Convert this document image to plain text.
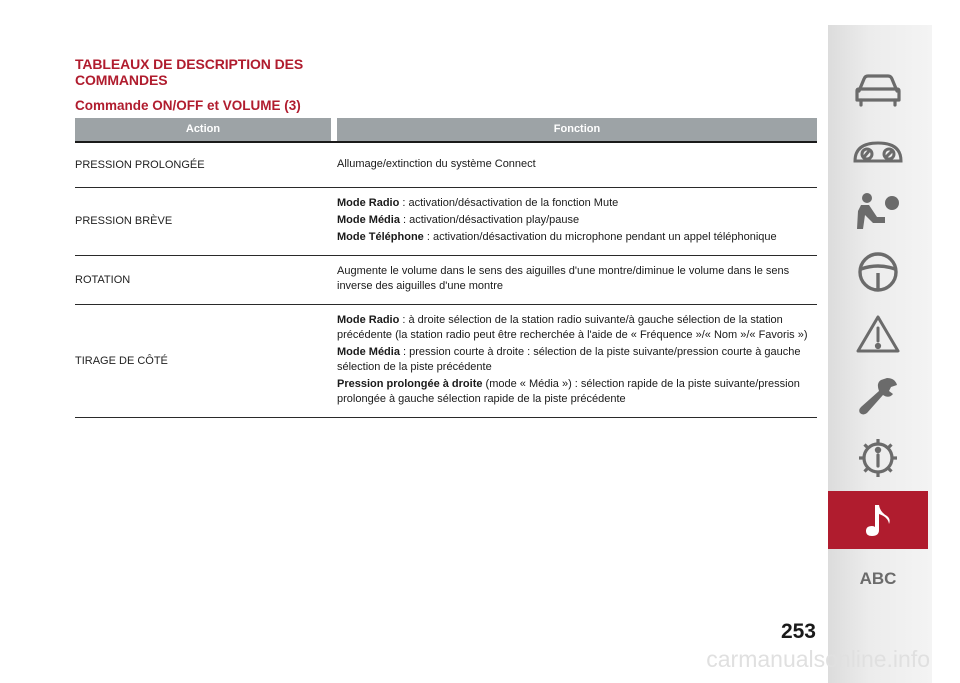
TABLEAUX DE DESCRIPTION DES
COMMANDES
Commande ON/OFF et VOLUME (3)
Action		Fonction
PRESSION PROLONGÉE		Allumage/extinction du système Connect

PRESSION BRÈVE		Mode Radio : activation/désactivation de la fonction Mute

Mode Média : activation/désactivation play/pause

Mode Téléphone : activation/désactivation du microphone pendant un appel téléphonique

ROTATION		Augmente le volume dans le sens des aiguilles d'une montre/diminue le volume dans le sens inverse des aiguilles d'une montre

TIRAGE DE CÔTÉ		Mode Radio : à droite sélection de la station radio suivante/à gauche sélection de la station précédente (la station radio peut être recherchée à l'aide de « Fréquence »/« Nom »/« Favoris »)

Mode Média : pression courte à droite : sélection de la piste suivante/pression courte à gauche sélection de la piste précédente

Pression prolongée à droite (mode « Média ») : sélection rapide de la piste suivante/pression prolongée à gauche sélection rapide de la piste précédente

ABC
253
carmanualsonline.info
